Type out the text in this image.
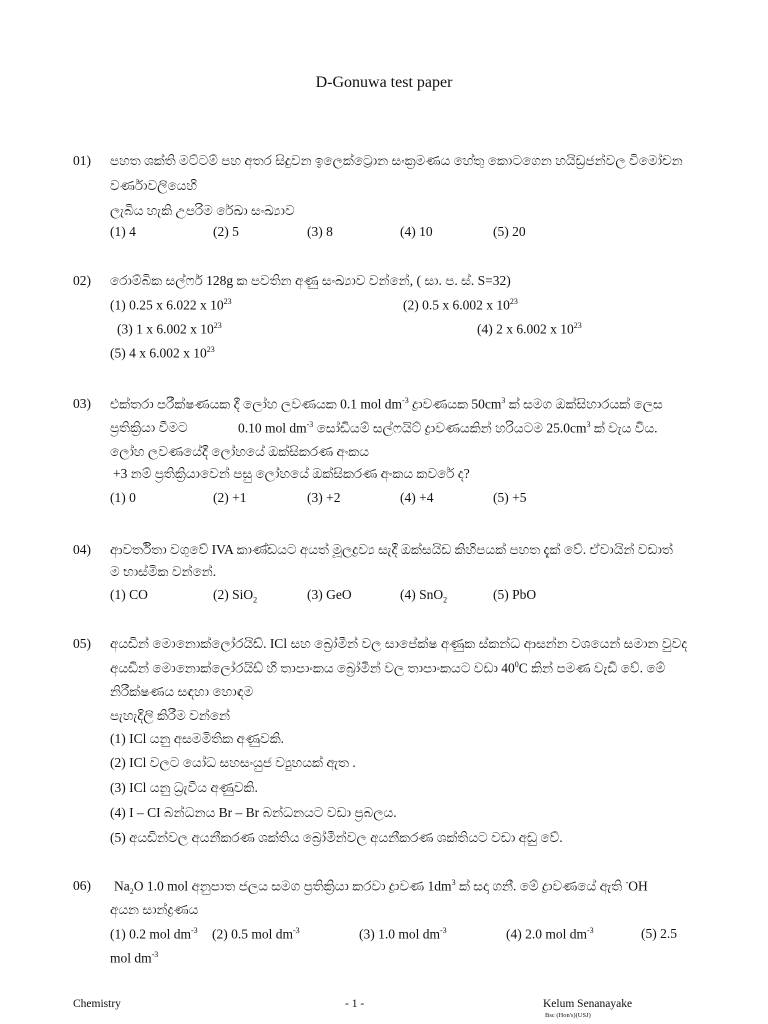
D-Gonuwa test paper
01) පහත ශක්ති මට්ටම් පහ අතර සිදුවන ඉලෙක්ට්‍රොන සංක්‍රමණය හේතු කොටගෙන හයිඩ්‍රජන්වල විමෝචන
වර්ණාවලියෙහි
ලැබිය හැකි උපරිම රේඛා සංඛ්‍යාව
(1) 4	(2) 5	(3) 8	(4) 10	(5) 20
02) රොම්බික සල්ෆර් 128g ක පවතින අණු සංඛ්‍යාව වන්නේ, ( සා. ප. ස්. S=32)
(1) 0.25 x 6.022 x $10^{23}$	(2) 0.5 x 6.002 x $10^{23}$
(3) 1 x 6.002 x $10^{23}$	(4) 2 x 6.002 x $10^{23}$
(5) 4 x 6.002 x $10^{23}$
03) එක්තරා පරීක්ෂණයක දී ලෝහ ලවණයක 0.1 mol $dm^{-3}$ ද්‍රාවණයක $50cm^3$ ක් සමග ඔක්සිහාරයක් ලෙස
ප්‍රතික්‍රියා වීමට	0.10 mol $dm^{-3}$ සෝඩියම් සල්ෆයිට් ද්‍රාවණයකින් හරියටම $25.0cm^3$ ක් වැය විය.
ලෝහ ලවණයේදී ලෝහයේ ඔක්සිකරණ අංකය
+3 නම් ප්‍රතික්‍රියාවෙන් පසු ලෝහයේ ඔක්සිකරණ අංකය කවරේ ද?
(1) 0	(2) +1	(3) +2	(4) +4	(5) +5
04) ආවර්තිතා වගුවේ IVA කාණ්ඩයට අයත් මූලද්‍රව්‍ය සැදී ඔක්සයිඩ කිහිපයක් පහත දැක් වේ. ඒවායින් වඩාත්
ම භාස්මික වන්නේ.
(1) CO	(2) SiO$_2$	(3) GeO	(4) SnO$_2$	(5) PbO
05) අයඩින් මොනොක්ලෝරයිඩ්. ICl සහ බ්‍රෝමීන් වල සාපේක්ෂ අණුක ස්කන්ධ ආසන්න වශයෙන් සමාන වුවද
අයඩින් මොනොක්ලෝරයිඩ් හි තාපාංකය බ්‍රෝමීන් වල තාපාංකයට වඩා $40^0C$ කින් පමණ වැඩි වේ. මේ
නිරීක්ෂණය සඳහා හොඳම
පැහැදිලි කිරීම වන්නේ
(1) ICl යනු අසමමිතික අණුවකි.
(2) ICl වලට යෝධ සහසංයුජ ව්‍යුහයක් ඇත .
(3) ICl යනු ධ්‍රැවීය අණුවකි.
(4) I – CI බන්ධනය Br – Br බන්ධනයට වඩා ප්‍රබලය.
(5) අයඩින්වල අයනීකරණ ශක්තිය බ්‍රෝමීන්වල අයනීකරණ ශක්තියට වඩා අඩු වේ.
06) $Na_2O$ 1.0 mol අනුපාත ජලය සමග ප්‍රතික්‍රියා කරවා ද්‍රාවණ $1dm^3$ ක් සදා ගනී. මේ ද්‍රාවණයේ ඇති -OH
අයන සාන්ද්‍රණය
(1) 0.2 mol $dm^{-3}$ (2) 0.5 mol $dm^{-3}$	(3) 1.0 mol $dm^{-3}$	(4) 2.0 mol $dm^{-3}$	(5) 2.5
mol $dm^{-3}$
Chemistry	- 1 -	Kelum Senanayake
Bsc (Hon's)(USJ)
